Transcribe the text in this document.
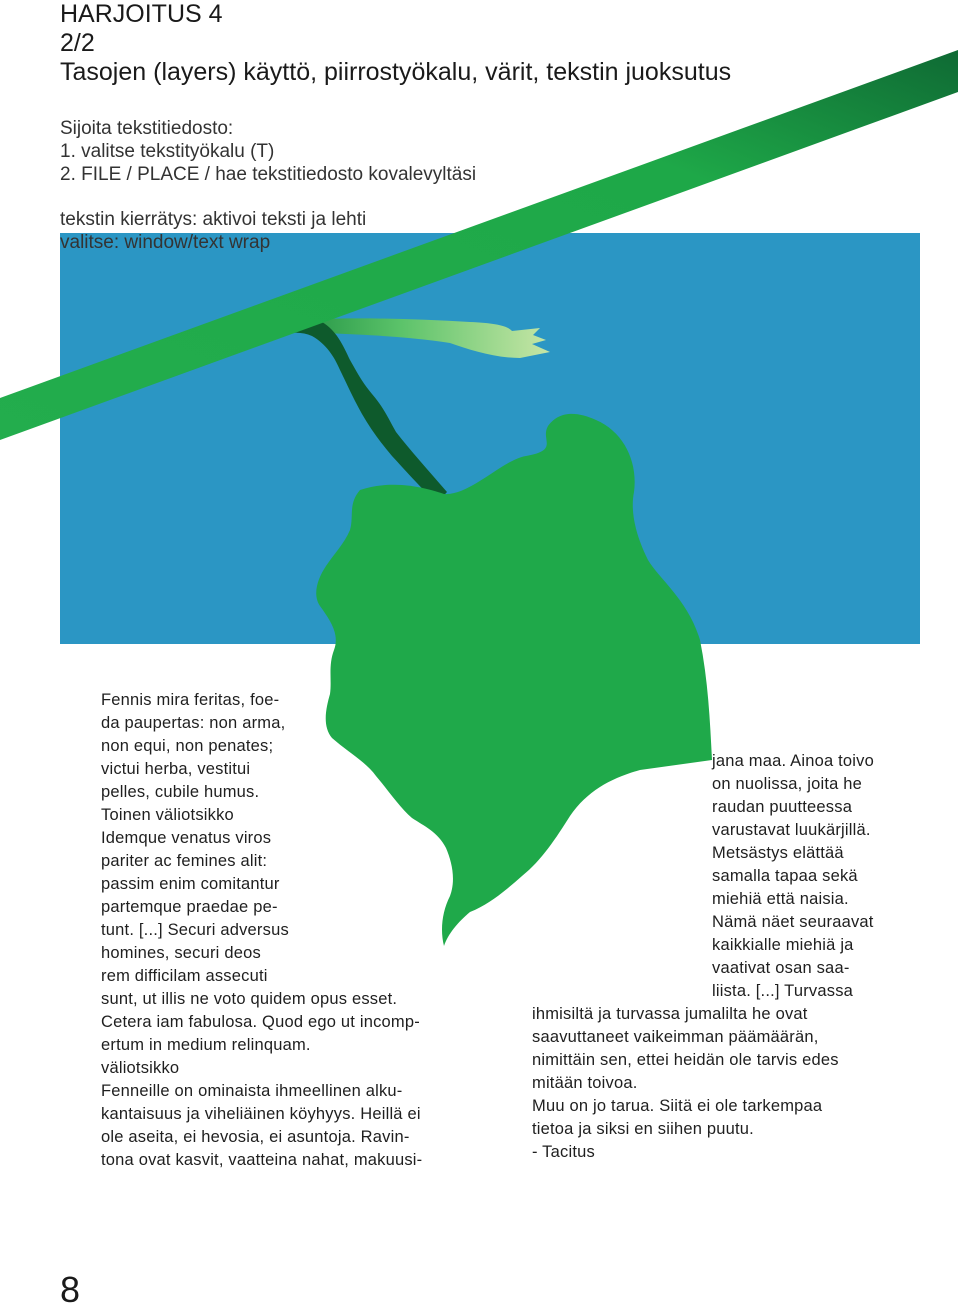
HARJOITUS 4
2/2
Tasojen (layers) käyttö, piirrostyökalu, värit, tekstin juoksutus
Sijoita tekstitiedosto:
1. valitse tekstityökalu (T)
2. FILE / PLACE / hae tekstitiedosto kovalevyltäsi
tekstin kierrätys: aktivoi teksti ja lehti
valitse: window/text wrap
Fennis mira feritas, foe-
da paupertas: non arma,
non equi, non penates;
victui herba, vestitui
pelles, cubile humus.
Toinen väliotsikko
Idemque venatus viros
pariter ac femines alit:
passim enim comitantur
partemque praedae pe-
tunt. [...] Securi adversus
homines, securi deos
rem difficilam assecuti
sunt, ut illis ne voto quidem opus esset.
Cetera iam fabulosa. Quod ego ut incomp-
ertum in medium relinquam.
väliotsikko
Fenneille on ominaista ihmeellinen alku-
kantaisuus ja viheliäinen köyhyys. Heillä ei
ole aseita, ei hevosia, ei asuntoja. Ravin-
tona ovat kasvit, vaatteina nahat, makuusi-
jana maa. Ainoa toivo
on nuolissa, joita he
raudan puutteessa
varustavat luukärjillä.
Metsästys elättää
samalla tapaa sekä
miehiä että naisia.
Nämä näet seuraavat
kaikkialle miehiä ja
vaativat osan saa-
liista. [...] Turvassa
ihmisiltä ja turvassa jumalilta he ovat
saavuttaneet vaikeimman päämäärän,
nimittäin sen, ettei heidän ole tarvis edes
mitään toivoa.
Muu on jo tarua. Siitä ei ole tarkempaa
tietoa ja siksi en siihen puutu.
- Tacitus
8
